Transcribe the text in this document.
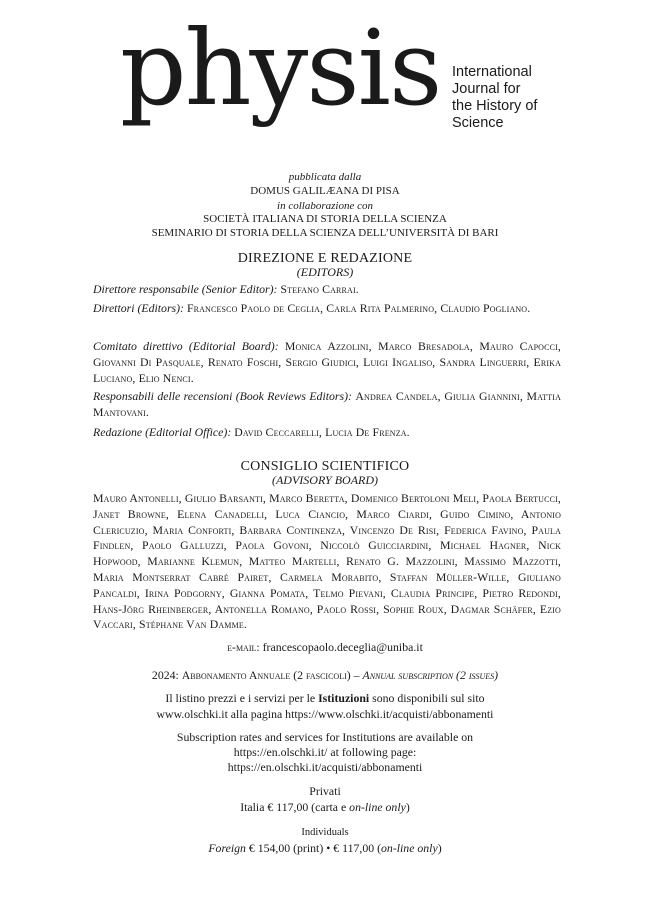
physis International
Journal for
the History of
Science
pubblicata dalla
DOMUS GALILÆANA DI PISA
in collaborazione con
SOCIETÀ ITALIANA DI STORIA DELLA SCIENZA
SEMINARIO DI STORIA DELLA SCIENZA DELL’UNIVERSITÀ DI BARI
DIREZIONE E REDAZIONE
(EDITORS)
Direttore responsabile (Senior Editor): Stefano Carrai.
Direttori (Editors): Francesco Paolo de Ceglia, Carla Rita Palmerino, Claudio Pogliano.
Comitato direttivo (Editorial Board): Monica Azzolini, Marco Bresadola, Mauro Capocci, Giovanni Di Pasquale, Renato Foschi, Sergio Giudici, Luigi Ingaliso, Sandra Linguerri, Erika Luciano, Elio Nenci.
Responsabili delle recensioni (Book Reviews Editors): Andrea Candela, Giulia Giannini, Mattia Mantovani.
Redazione (Editorial Office): David Ceccarelli, Lucia De Frenza.
CONSIGLIO SCIENTIFICO
(ADVISORY BOARD)
Mauro Antonelli, Giulio Barsanti, Marco Beretta, Domenico Bertoloni Meli, Paola Bertucci, Janet Browne, Elena Canadelli, Luca Ciancio, Marco Ciardi, Guido Cimino, Antonio Clericuzio, Maria Conforti, Barbara Continenza, Vincenzo De Risi, Federica Favino, Paula Findlen, Paolo Galluzzi, Paola Govoni, Niccolò Guicciardini, Michael Hagner, Nick Hopwood, Marianne Klemun, Matteo Martelli, Renato G. Mazzolini, Massimo Mazzotti, Maria Montserrat Cabré Pairet, Carmela Morabito, Staffan Müller-Wille, Giuliano Pancaldi, Irina Podgorny, Gianna Pomata, Telmo Pievani, Claudia Principe, Pietro Redondi, Hans-Jörg Rheinberger, Antonella Romano, Paolo Rossi, Sophie Roux, Dagmar Schäfer, Ezio Vaccari, Stéphane Van Damme.
e-mail: francescopaolo.deceglia@uniba.it
2024: Abbonamento Annuale (2 fascicoli) – Annual subscription (2 issues)
Il listino prezzi e i servizi per le Istituzioni sono disponibili sul sito
www.olschki.it alla pagina https://www.olschki.it/acquisti/abbonamenti
Subscription rates and services for Institutions are available on
https://en.olschki.it/ at following page:
https://en.olschki.it/acquisti/abbonamenti
Privati
Italia € 117,00 (carta e on-line only)
Individuals
Foreign € 154,00 (print) • € 117,00 (on-line only)
